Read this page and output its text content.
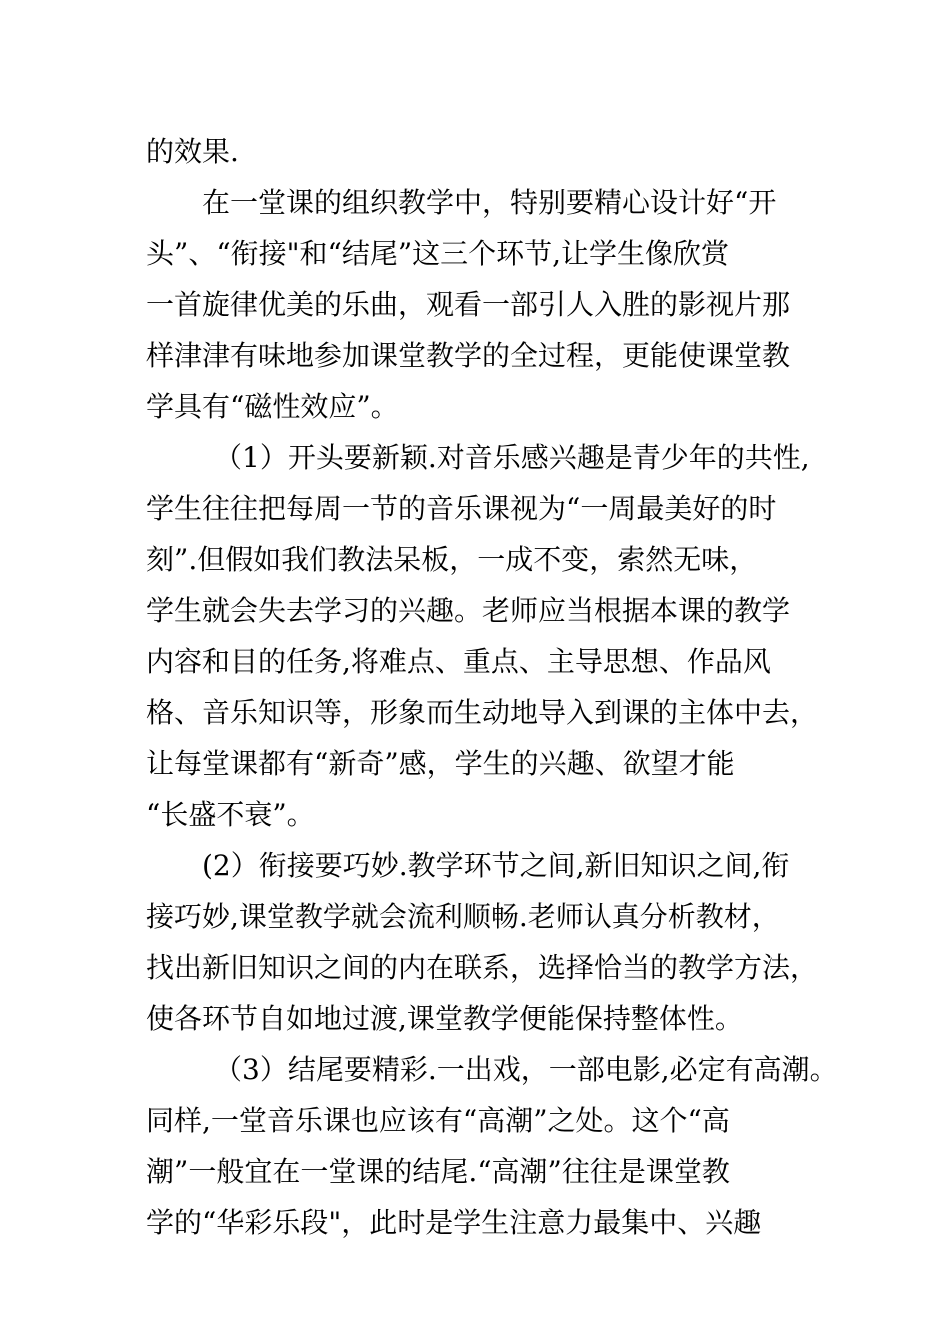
的效果.
在一堂课的组织教学中，特别要精心设计好“开
头”、“衔接"和“结尾”这三个环节,让学生像欣赏
一首旋律优美的乐曲，观看一部引人入胜的影视片那
样津津有味地参加课堂教学的全过程，更能使课堂教
学具有“磁性效应”。
（1）开头要新颖.对音乐感兴趣是青少年的共性,
学生往往把每周一节的音乐课视为“一周最美好的时
刻”.但假如我们教法呆板，一成不变，索然无味，
学生就会失去学习的兴趣。老师应当根据本课的教学
内容和目的任务,将难点、重点、主导思想、作品风
格、音乐知识等，形象而生动地导入到课的主体中去，
让每堂课都有“新奇”感，学生的兴趣、欲望才能
“长盛不衰”。
(2）衔接要巧妙.教学环节之间,新旧知识之间,衔
接巧妙,课堂教学就会流利顺畅.老师认真分析教材，
找出新旧知识之间的内在联系，选择恰当的教学方法，
使各环节自如地过渡,课堂教学便能保持整体性。
（3）结尾要精彩.一出戏，一部电影,必定有高潮。
同样,一堂音乐课也应该有“高潮”之处。这个“高
潮”一般宜在一堂课的结尾.“高潮”往往是课堂教
学的“华彩乐段"，此时是学生注意力最集中、兴趣
